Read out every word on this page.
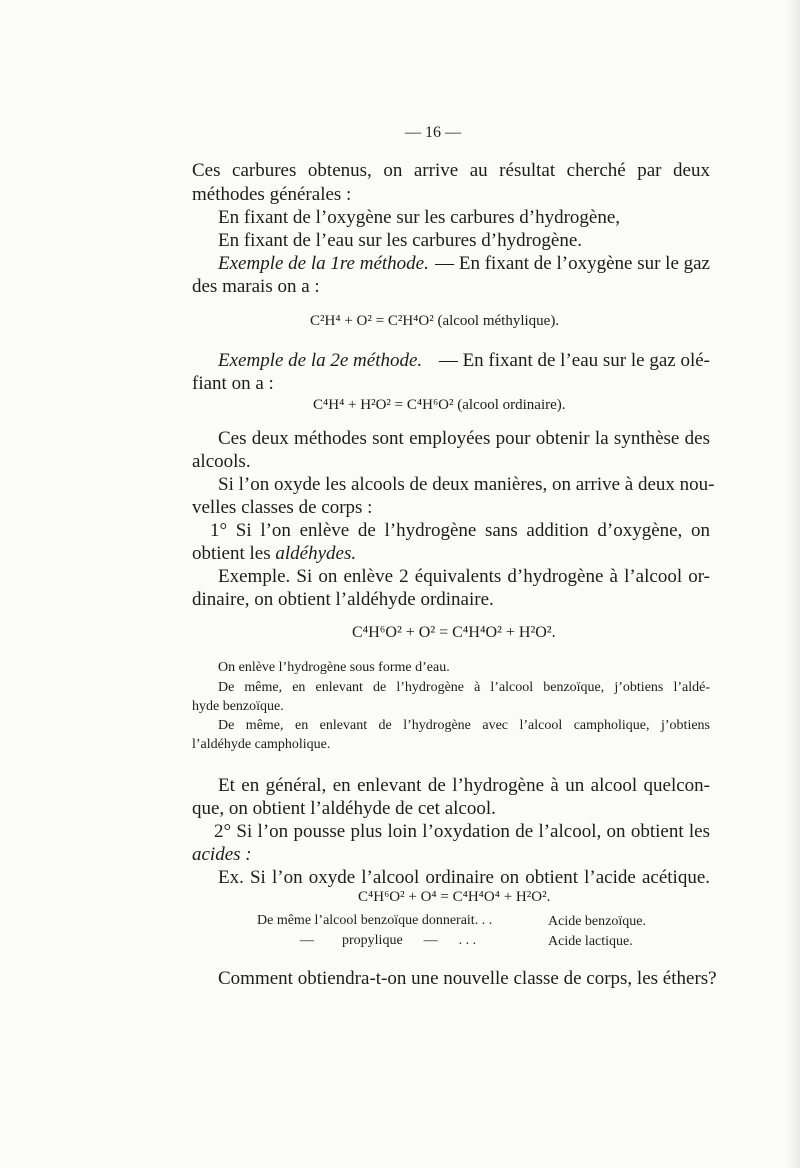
— 16 —

Ces carbures obtenus, on arrive au résultat cherché par deux

méthodes générales :

En fixant de l’oxygène sur les carbures d’hydrogène,

En fixant de l’eau sur les carbures d’hydrogène.

Exemple de la 1re méthode. — En fixant de l’oxygène sur le gaz

des marais on a :

C²H⁴ + O² = C²H⁴O² (alcool méthylique).

Exemple de la 2e méthode. — En fixant de l’eau sur le gaz olé-

fiant on a :

C⁴H⁴ + H²O² = C⁴H⁶O² (alcool ordinaire).

Ces deux méthodes sont employées pour obtenir la synthèse des

alcools.

Si l’on oxyde les alcools de deux manières, on arrive à deux nou-

velles classes de corps :

1° Si l’on enlève de l’hydrogène sans addition d’oxygène, on

obtient les aldéhydes.

Exemple. Si on enlève 2 équivalents d’hydrogène à l’alcool or-

dinaire, on obtient l’aldéhyde ordinaire.

C⁴H⁶O² + O² = C⁴H⁴O² + H²O².

On enlève l’hydrogène sous forme d’eau.

De même, en enlevant de l’hydrogène à l’alcool benzoïque, j’obtiens l’aldé-

hyde benzoïque.

De même, en enlevant de l’hydrogène avec l’alcool campholique, j’obtiens

l’aldéhyde campholique.

Et en général, en enlevant de l’hydrogène à un alcool quelcon-

que, on obtient l’aldéhyde de cet alcool.

2° Si l’on pousse plus loin l’oxydation de l’alcool, on obtient les

acides :

Ex. Si l’on oxyde l’alcool ordinaire on obtient l’acide acétique.

C⁴H⁶O² + O⁴ = C⁴H⁴O⁴ + H²O².

De même l’alcool benzoïque donnerait. . .	Acide benzoïque.

—        propylique      —      . . .	Acide lactique.

Comment obtiendra-t-on une nouvelle classe de corps, les éthers?
